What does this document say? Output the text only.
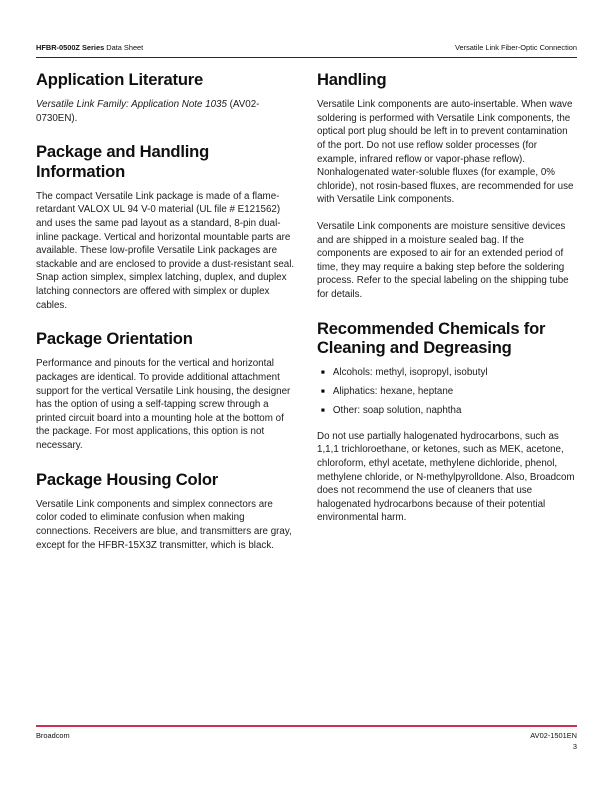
HFBR-0500Z Series Data Sheet	Versatile Link Fiber-Optic Connection
Application Literature

Versatile Link Family: Application Note 1035 (AV02-0730EN).

Package and Handling Information

The compact Versatile Link package is made of a flame-retardant VALOX UL 94 V-0 material (UL file # E121562) and uses the same pad layout as a standard, 8-pin dual-inline package. Vertical and horizontal mountable parts are available. These low-profile Versatile Link packages are stackable and are enclosed to provide a dust-resistant seal. Snap action simplex, simplex latching, duplex, and duplex latching connectors are offered with simplex or duplex cables.

Package Orientation

Performance and pinouts for the vertical and horizontal packages are identical. To provide additional attachment support for the vertical Versatile Link housing, the designer has the option of using a self-tapping screw through a printed circuit board into a mounting hole at the bottom of the package. For most applications, this option is not necessary.

Package Housing Color

Versatile Link components and simplex connectors are color coded to eliminate confusion when making connections. Receivers are blue, and transmitters are gray, except for the HFBR-15X3Z transmitter, which is black.

Handling

Versatile Link components are auto-insertable. When wave soldering is performed with Versatile Link components, the optical port plug should be left in to prevent contamination of the port. Do not use reflow solder processes (for example, infrared reflow or vapor-phase reflow). Nonhalogenated water-soluble fluxes (for example, 0% chloride), not rosin-based fluxes, are recommended for use with Versatile Link components.

Versatile Link components are moisture sensitive devices and are shipped in a moisture sealed bag. If the components are exposed to air for an extended period of time, they may require a baking step before the soldering process. Refer to the special labeling on the shipping tube for details.

Recommended Chemicals for Cleaning and Degreasing
■ Alcohols: methyl, isopropyl, isobutyl
■ Aliphatics: hexane, heptane
■ Other: soap solution, naphtha

Do not use partially halogenated hydrocarbons, such as 1,1,1 trichloroethane, or ketones, such as MEK, acetone, chloroform, ethyl acetate, methylene dichloride, phenol, methylene chloride, or N-methylpyrolldone. Also, Broadcom does not recommend the use of cleaners that use halogenated hydrocarbons because of their potential environmental harm.

Broadcom	AV02-1501EN
3
